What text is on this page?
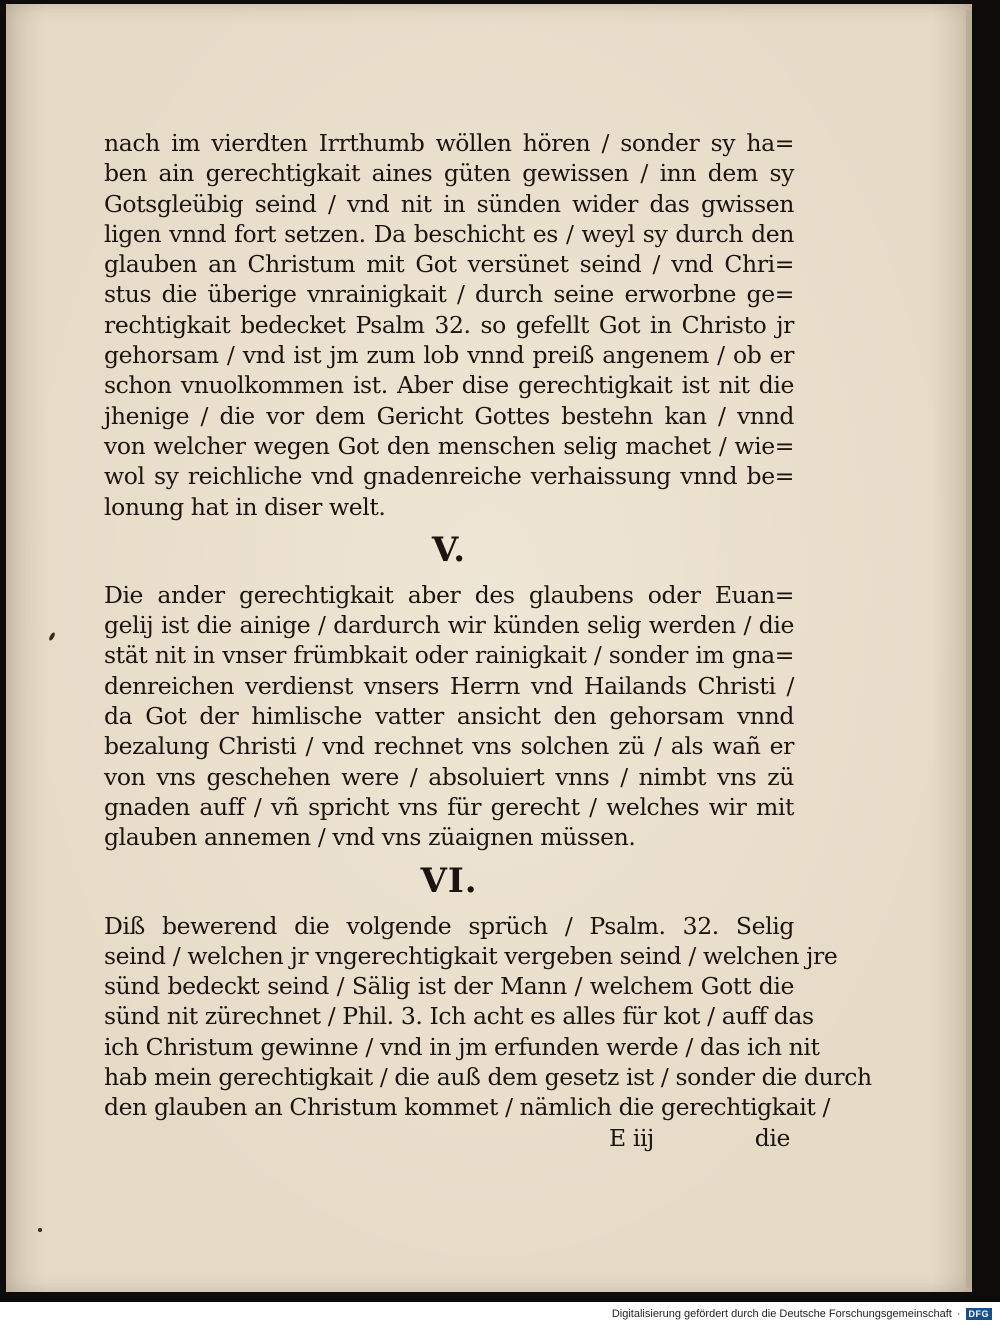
nach im vierdten Irrthumb wöllen hören / sonder sy ha=
ben ain gerechtigkait aines güten gewissen / inn dem sy
Gotsgleübig seind / vnd nit in sünden wider das gwissen
ligen vnnd fort setzen. Da beschicht es / weyl sy durch den
glauben an Christum mit Got versünet seind / vnd Chri=
stus die überige vnrainigkait / durch seine erworbne ge=
rechtigkait bedecket Psalm 32. so gefellt Got in Christo jr
gehorsam / vnd ist jm zum lob vnnd preiß angenem / ob er
schon vnuolkommen ist. Aber dise gerechtigkait ist nit die
jhenige / die vor dem Gericht Gottes bestehn kan / vnnd
von welcher wegen Got den menschen selig machet / wie=
wol sy reichliche vnd gnadenreiche verhaissung vnnd be=
lonung hat in diser welt.
V.
Die ander gerechtigkait aber des glaubens oder Euan=
gelij ist die ainige / dardurch wir künden selig werden / die
stät nit in vnser frümbkait oder rainigkait / sonder im gna=
denreichen verdienst vnsers Herrn vnd Hailands Christi /
da Got der himlische vatter ansicht den gehorsam vnnd
bezalung Christi / vnd rechnet vns solchen zü / als wañ er
von vns geschehen were / absoluiert vnns / nimbt vns zü
gnaden auff / vñ spricht vns für gerecht / welches wir mit
glauben annemen / vnd vns züaignen müssen.
VI.
Diß bewerend die volgende sprüch / Psalm. 32. Selig
seind / welchen jr vngerechtigkait vergeben seind / welchen jre
sünd bedeckt seind / Sälig ist der Mann / welchem Gott die
sünd nit zürechnet / Phil. 3. Ich acht es alles für kot / auff das
ich Christum gewinne / vnd in jm erfunden werde / das ich nit
hab mein gerechtigkait / die auß dem gesetz ist / sonder die durch
den glauben an Christum kommet / nämlich die gerechtigkait /
E iij	die
Digitalisierung gefördert durch die Deutsche Forschungsgemeinschaft · DFG
